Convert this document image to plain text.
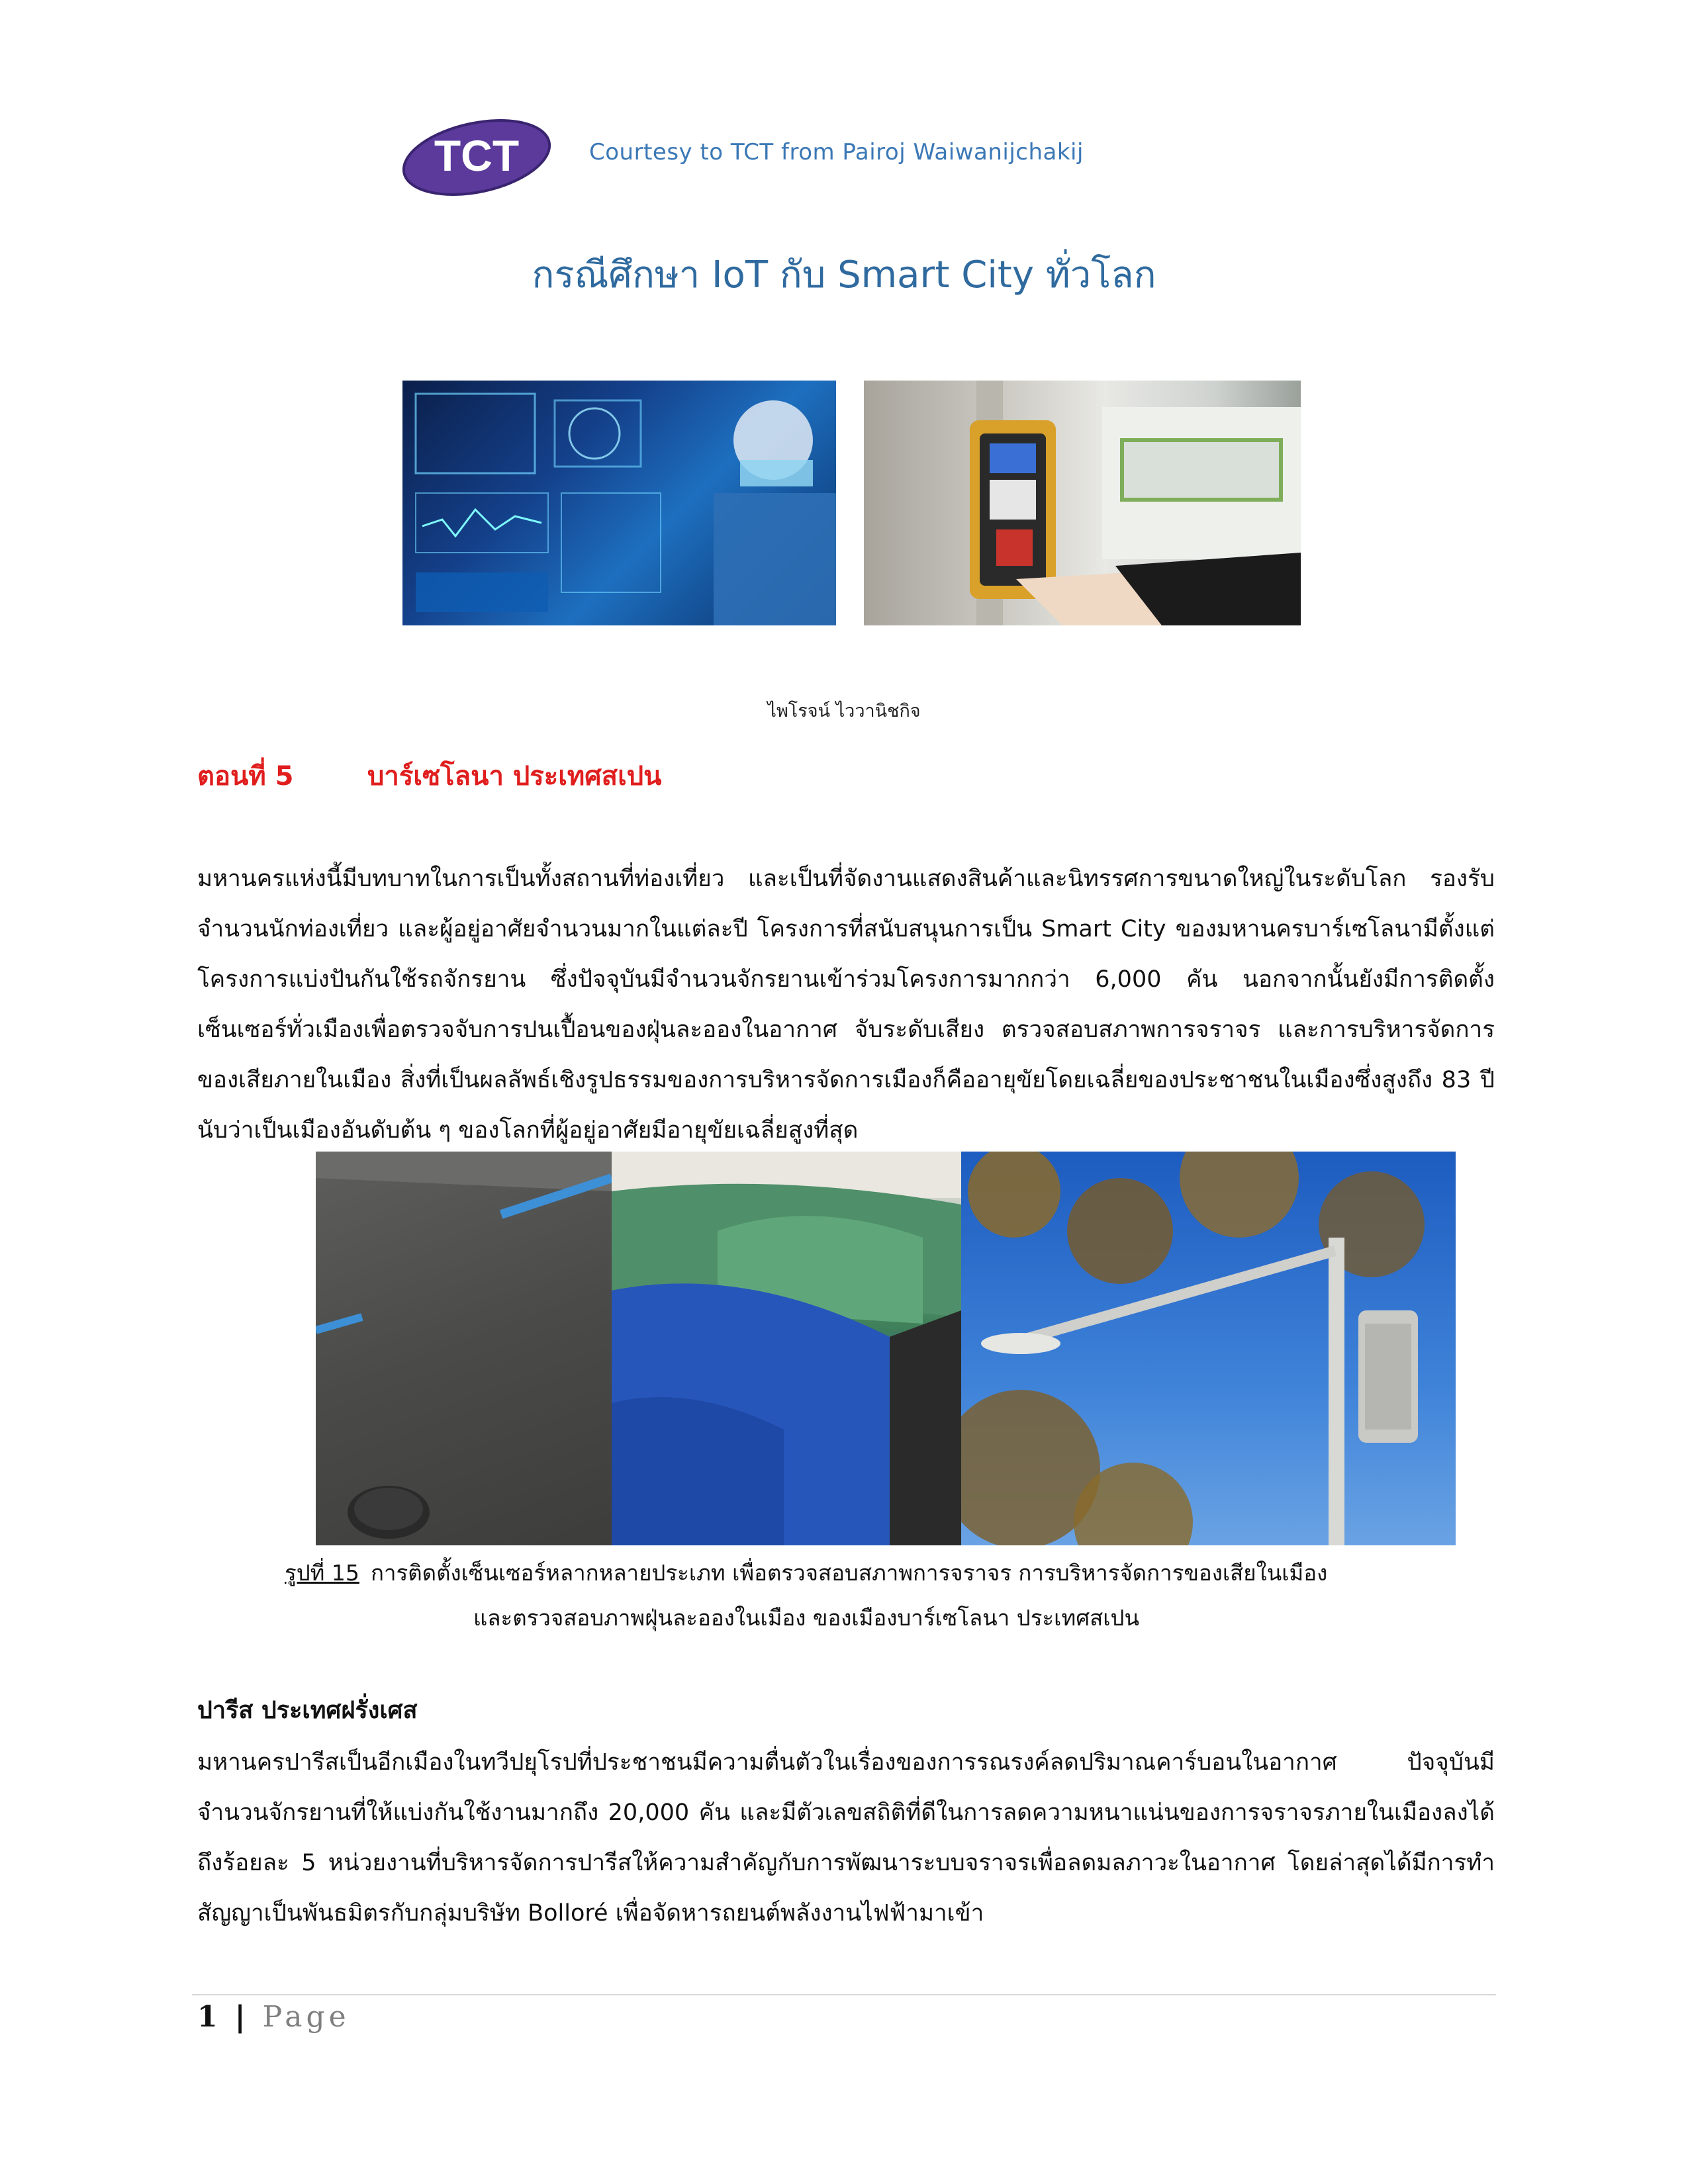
TCT	Courtesy to TCT from Pairoj Waiwanijchakij
กรณีศึกษา IoT กับ Smart City ทั่วโลก
ไพโรจน์ ไววานิชกิจ
ตอนที่ 5	บาร์เซโลนา ประเทศสเปน
มหานครแห่งนี้มีบทบาทในการเป็นทั้งสถานที่ท่องเที่ยว และเป็นที่จัดงานแสดงสินค้าและนิทรรศการขนาดใหญ่ในระดับโลก รองรับจำนวนนักท่องเที่ยว และผู้อยู่อาศัยจำนวนมากในแต่ละปี โครงการที่สนับสนุนการเป็น Smart City ของมหานครบาร์เซโลนามีตั้งแต่โครงการแบ่งปันกันใช้รถจักรยาน ซึ่งปัจจุบันมีจำนวนจักรยานเข้าร่วมโครงการมากกว่า 6,000 คัน นอกจากนั้นยังมีการติดตั้งเซ็นเซอร์ทั่วเมืองเพื่อตรวจจับการปนเปื้อนของฝุ่นละอองในอากาศ จับระดับเสียง ตรวจสอบสภาพการจราจร และการบริหารจัดการของเสียภายในเมือง สิ่งที่เป็นผลลัพธ์เชิงรูปธรรมของการบริหารจัดการเมืองก็คืออายุขัยโดยเฉลี่ยของประชาชนในเมืองซึ่งสูงถึง 83 ปี นับว่าเป็นเมืองอันดับต้น ๆ ของโลกที่ผู้อยู่อาศัยมีอายุขัยเฉลี่ยสูงที่สุด
รูปที่ 15 การติดตั้งเซ็นเซอร์หลากหลายประเภท เพื่อตรวจสอบสภาพการจราจร การบริหารจัดการของเสียในเมือง
และตรวจสอบภาพฝุ่นละอองในเมือง ของเมืองบาร์เซโลนา ประเทศสเปน
ปารีส ประเทศฝรั่งเศส
มหานครปารีสเป็นอีกเมืองในทวีปยุโรปที่ประชาชนมีความตื่นตัวในเรื่องของการรณรงค์ลดปริมาณคาร์บอนในอากาศ ปัจจุบันมีจำนวนจักรยานที่ให้แบ่งกันใช้งานมากถึง 20,000 คัน และมีตัวเลขสถิติที่ดีในการลดความหนาแน่นของการจราจรภายในเมืองลงได้ถึงร้อยละ 5 หน่วยงานที่บริหารจัดการปารีสให้ความสำคัญกับการพัฒนาระบบจราจรเพื่อลดมลภาวะในอากาศ โดยล่าสุดได้มีการทำสัญญาเป็นพันธมิตรกับกลุ่มบริษัท Bolloré เพื่อจัดหารถยนต์พลังงานไฟฟ้ามาเข้า
1 | Page
